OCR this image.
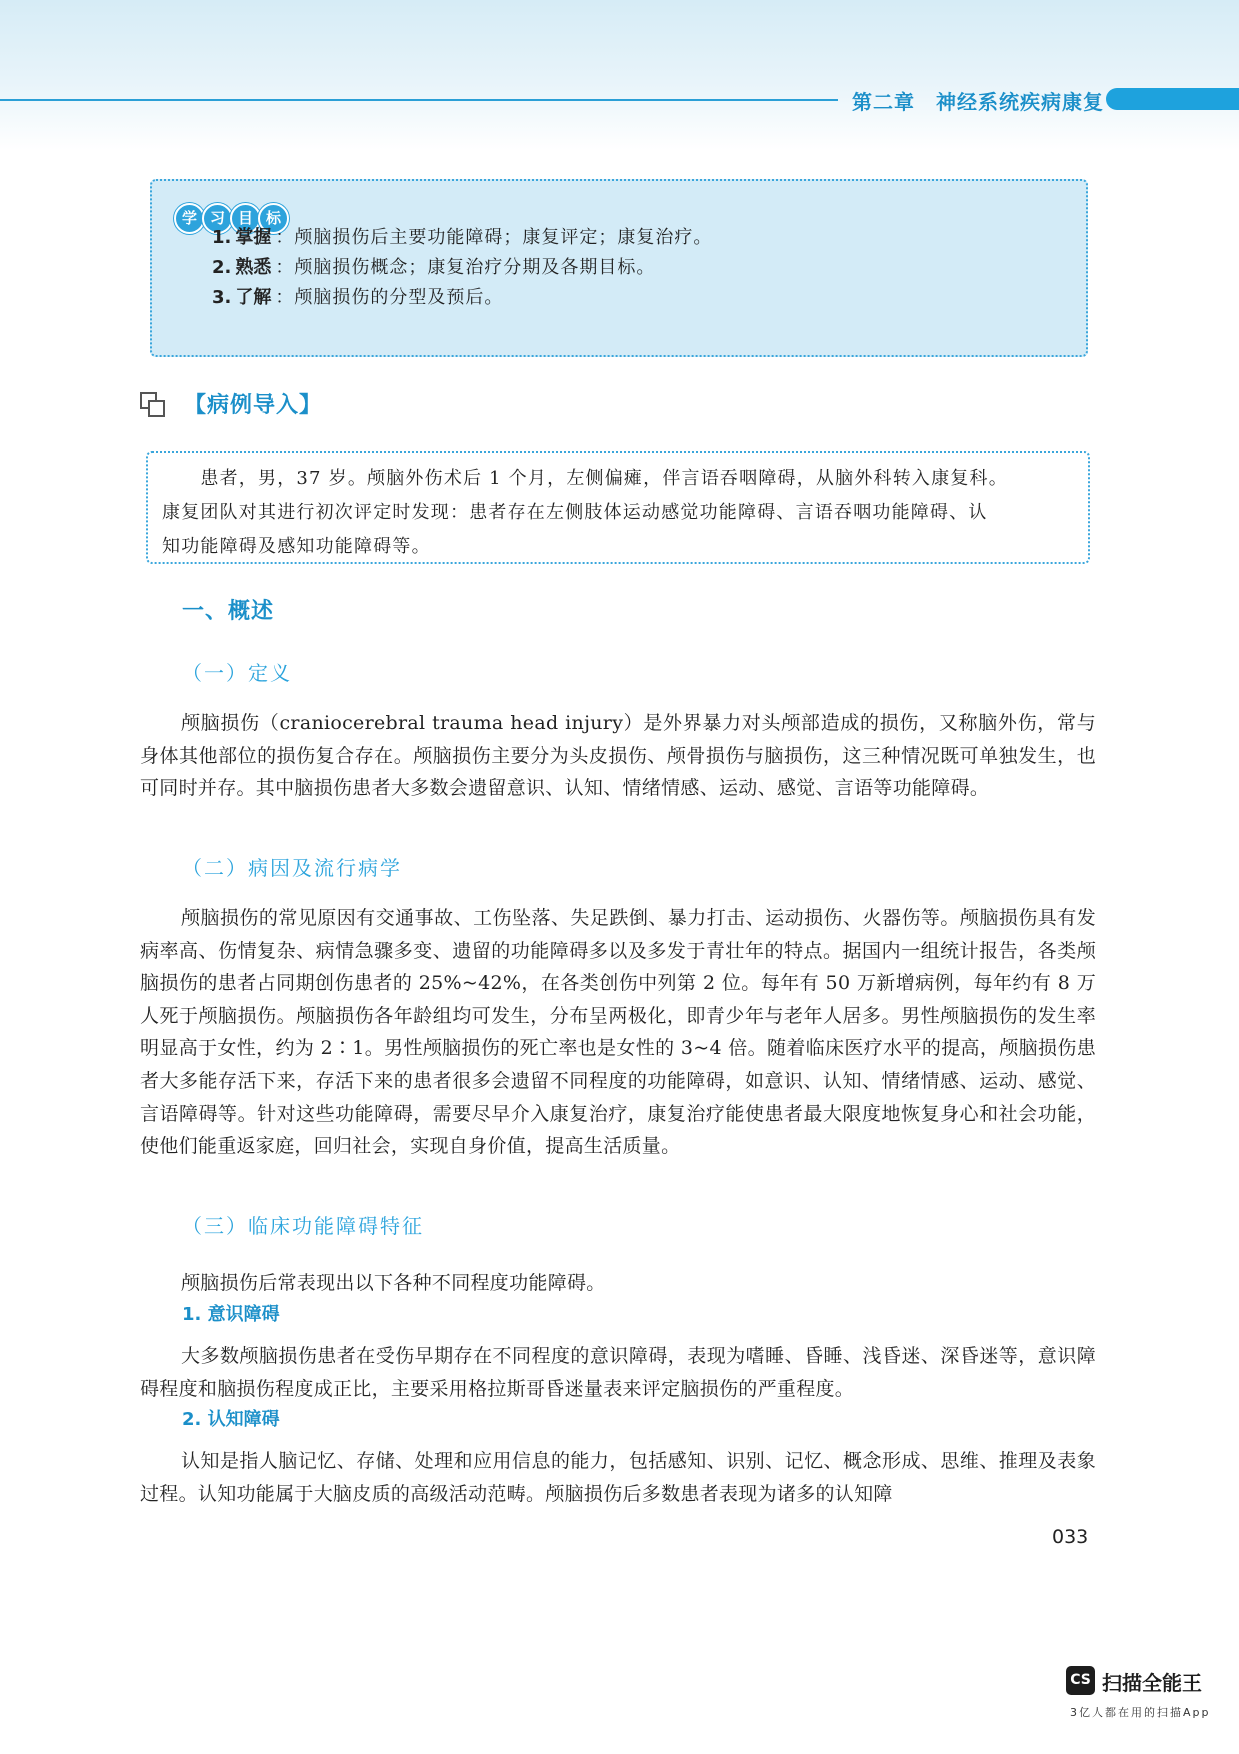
第二章　神经系统疾病康复
学 习 目 标
1. 掌握 ：颅脑损伤后主要功能障碍；康复评定；康复治疗。
2. 熟悉 ：颅脑损伤概念；康复治疗分期及各期目标。
3. 了解 ：颅脑损伤的分型及预后。
【病例导入】
　　患者，男，37 岁。颅脑外伤术后 1 个月，左侧偏瘫，伴言语吞咽障碍，从脑外科转入康复科。
康复团队对其进行初次评定时发现：患者存在左侧肢体运动感觉功能障碍、言语吞咽功能障碍、认
知功能障碍及感知功能障碍等。
一、概述
（一）定义
颅脑损伤（craniocerebral trauma head injury）是外界暴力对头颅部造成的损伤，又称脑外伤，常与身体其他部位的损伤复合存在。颅脑损伤主要分为头皮损伤、颅骨损伤与脑损伤，这三种情况既可单独发生，也可同时并存。其中脑损伤患者大多数会遗留意识、认知、情绪情感、运动、感觉、言语等功能障碍。
（二）病因及流行病学
颅脑损伤的常见原因有交通事故、工伤坠落、失足跌倒、暴力打击、运动损伤、火器伤等。颅脑损伤具有发病率高、伤情复杂、病情急骤多变、遗留的功能障碍多以及多发于青壮年的特点。据国内一组统计报告，各类颅脑损伤的患者占同期创伤患者的 25%~42%，在各类创伤中列第 2 位。每年有 50 万新增病例，每年约有 8 万人死于颅脑损伤。颅脑损伤各年龄组均可发生，分布呈两极化，即青少年与老年人居多。男性颅脑损伤的发生率明显高于女性，约为 2∶1。男性颅脑损伤的死亡率也是女性的 3~4 倍。随着临床医疗水平的提高，颅脑损伤患者大多能存活下来，存活下来的患者很多会遗留不同程度的功能障碍，如意识、认知、情绪情感、运动、感觉、言语障碍等。针对这些功能障碍，需要尽早介入康复治疗，康复治疗能使患者最大限度地恢复身心和社会功能，使他们能重返家庭，回归社会，实现自身价值，提高生活质量。
（三）临床功能障碍特征
颅脑损伤后常表现出以下各种不同程度功能障碍。
1. 意识障碍
大多数颅脑损伤患者在受伤早期存在不同程度的意识障碍，表现为嗜睡、昏睡、浅昏迷、深昏迷等，意识障碍程度和脑损伤程度成正比，主要采用格拉斯哥昏迷量表来评定脑损伤的严重程度。
2. 认知障碍
认知是指人脑记忆、存储、处理和应用信息的能力，包括感知、识别、记忆、概念形成、思维、推理及表象过程。认知功能属于大脑皮质的高级活动范畴。颅脑损伤后多数患者表现为诸多的认知障
033
CS 扫描全能王
3亿人都在用的扫描App
